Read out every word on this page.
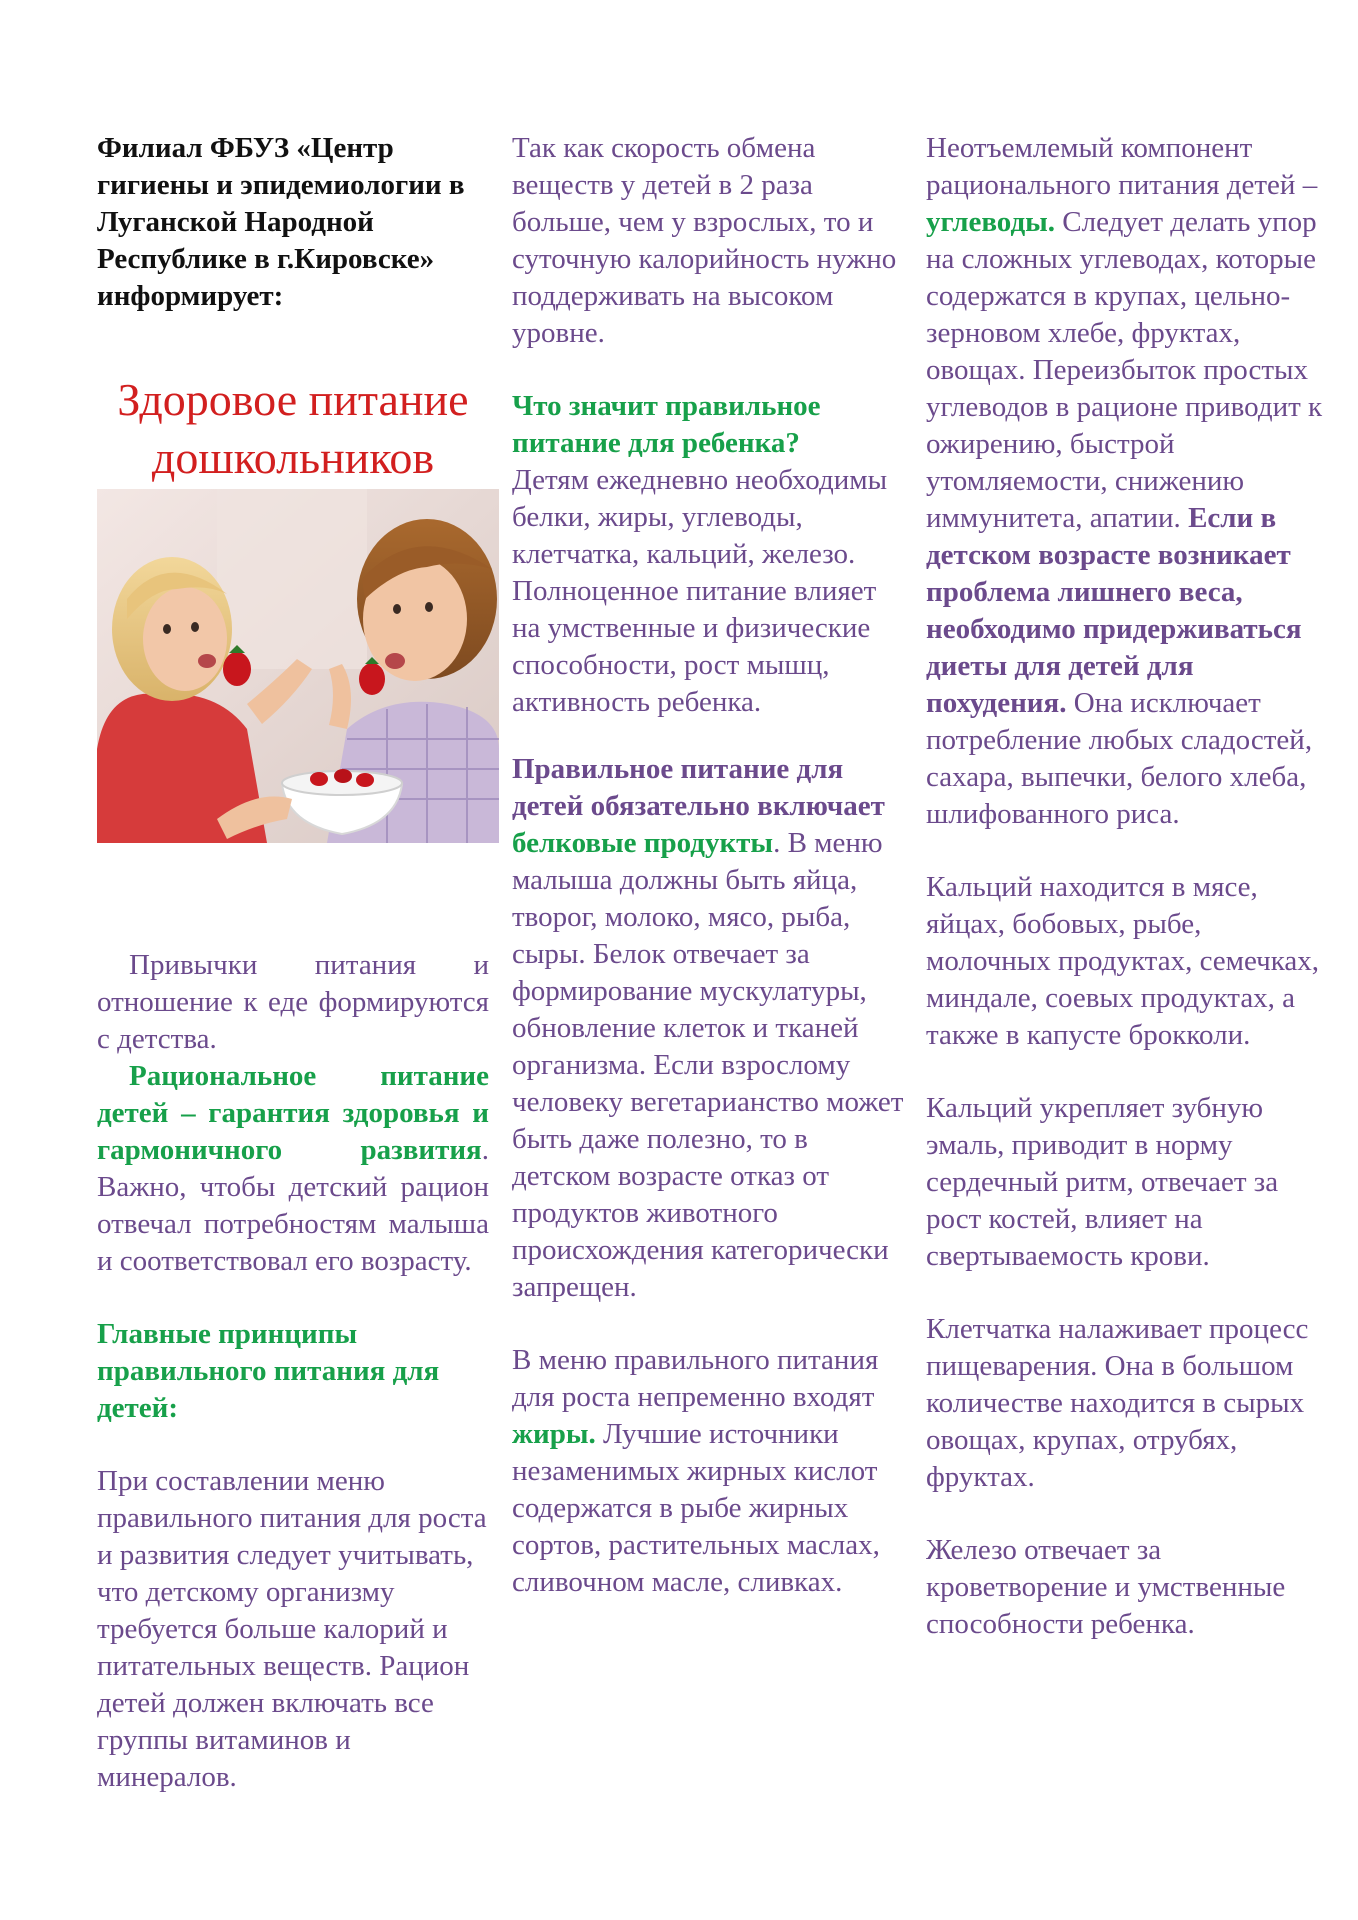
Филиал ФБУЗ «Центр гигиены и эпидемиологии в Луганской Народной Республике в г.Кировске» информирует:

Здоровое питание
дошкольников

Привычки питания и отношение к еде формируются с детства.

Рациональное питание детей – гарантия здоровья и гармоничного развития. Важно, чтобы детский рацион отвечал потребностям малыша и соответствовал его возрасту.

Главные принципы правильного питания для детей:

При составлении меню правильного питания для роста и развития следует учитывать, что детскому организму требуется больше калорий и питательных веществ. Рацион детей должен включать все группы витаминов и минералов.

Так как скорость обмена веществ у детей в 2 раза больше, чем у взрослых, то и суточную калорийность нужно поддерживать на высоком уровне.

Что значит правильное питание для ребенка?

Детям ежедневно необходимы белки, жиры, углеводы, клетчатка, кальций, железо. Полноценное питание влияет на умственные и физические способности, рост мышц, активность ребенка.

Правильное питание для детей обязательно включает белковые продукты. В меню малыша должны быть яйца, творог, молоко, мясо, рыба, сыры. Белок отвечает за формирование мускулатуры, обновление клеток и тканей организма. Если взрослому человеку вегетарианство может быть даже полезно, то в детском возрасте отказ от продуктов животного происхождения категорически запрещен.

В меню правильного питания для роста непременно входят жиры. Лучшие источники незаменимых жирных кислот содержатся в рыбе жирных сортов, растительных маслах, сливочном масле, сливках.

Неотъемлемый компонент рационального питания детей – углеводы. Следует делать упор на сложных углеводах, которые содержатся в крупах, цельно-зерновом хлебе, фруктах, овощах. Переизбыток простых углеводов в рационе приводит к ожирению, быстрой утомляемости, снижению иммунитета, апатии. Если в детском возрасте возникает проблема лишнего веса, необходимо придерживаться диеты для детей для похудения. Она исключает потребление любых сладостей, сахара, выпечки, белого хлеба, шлифованного риса.

Кальций находится в мясе, яйцах, бобовых, рыбе, молочных продуктах, семечках, миндале, соевых продуктах, а также в капусте брокколи.

Кальций укрепляет зубную эмаль, приводит в норму сердечный ритм, отвечает за рост костей, влияет на свертываемость крови.

Клетчатка налаживает процесс пищеварения. Она в большом количестве находится в сырых овощах, крупах, отрубях, фруктах.

Железо отвечает за кроветворение и умственные способности ребенка.
